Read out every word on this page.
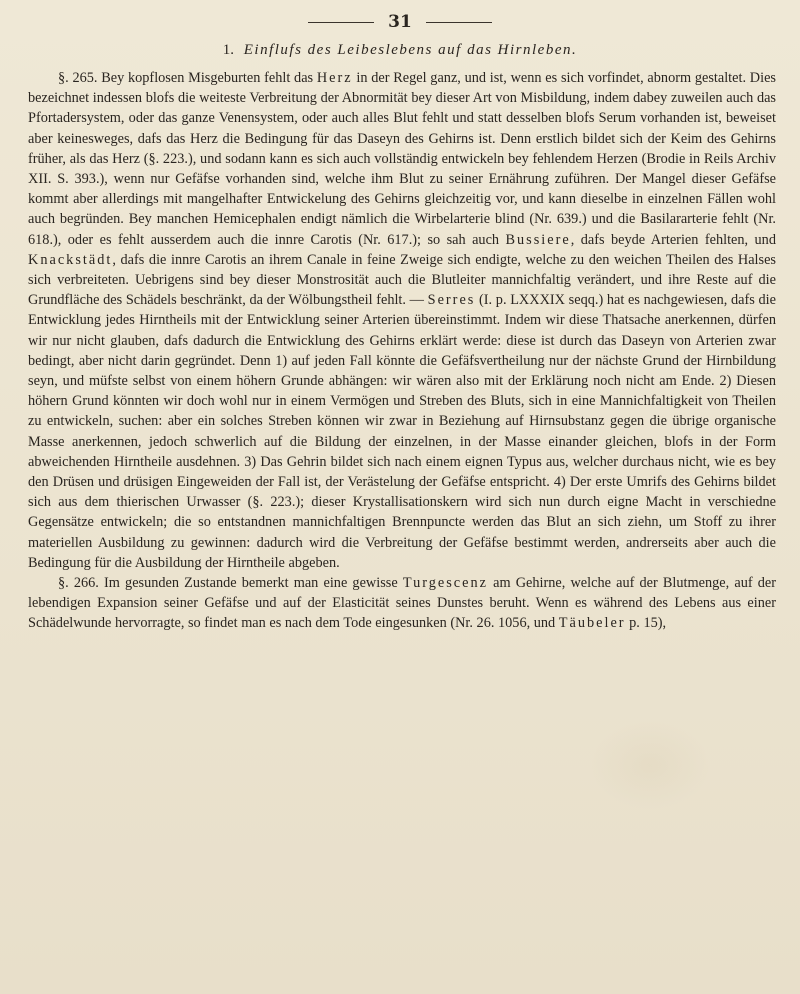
31
1. Einflufs des Leibeslebens auf das Hirnleben.

§. 265. Bey kopflosen Misgeburten fehlt das Herz in der Regel ganz, und ist, wenn es sich vorfindet, abnorm gestaltet. Dies bezeichnet indessen blofs die weiteste Verbreitung der Abnormität bey dieser Art von Misbildung, indem dabey zuweilen auch das Pfortadersystem, oder das ganze Venensystem, oder auch alles Blut fehlt und statt desselben blofs Serum vorhanden ist, beweiset aber keinesweges, dafs das Herz die Bedingung für das Daseyn des Gehirns ist. Denn erstlich bildet sich der Keim des Gehirns früher, als das Herz (§. 223.), und sodann kann es sich auch vollständig entwickeln bey fehlendem Herzen (Brodie in Reils Archiv XII. S. 393.), wenn nur Gefäfse vorhanden sind, welche ihm Blut zu seiner Ernährung zuführen. Der Mangel dieser Gefäfse kommt aber allerdings mit mangelhafter Entwickelung des Gehirns gleichzeitig vor, und kann dieselbe in einzelnen Fällen wohl auch begründen. Bey manchen Hemicephalen endigt nämlich die Wirbelarterie blind (Nr. 639.) und die Basilararterie fehlt (Nr. 618.), oder es fehlt ausserdem auch die innre Carotis (Nr. 617.); so sah auch Bussiere, dafs beyde Arterien fehlten, und Knackstädt, dafs die innre Carotis an ihrem Canale in feine Zweige sich endigte, welche zu den weichen Theilen des Halses sich verbreiteten. Uebrigens sind bey dieser Monstrosität auch die Blutleiter mannichfaltig verändert, und ihre Reste auf die Grundfläche des Schädels beschränkt, da der Wölbungstheil fehlt. — Serres (I. p. LXXXIX seqq.) hat es nachgewiesen, dafs die Entwicklung jedes Hirntheils mit der Entwicklung seiner Arterien übereinstimmt. Indem wir diese Thatsache anerkennen, dürfen wir nur nicht glauben, dafs dadurch die Entwicklung des Gehirns erklärt werde: diese ist durch das Daseyn von Arterien zwar bedingt, aber nicht darin gegründet. Denn 1) auf jeden Fall könnte die Gefäfsvertheilung nur der nächste Grund der Hirnbildung seyn, und müfste selbst von einem höhern Grunde abhängen: wir wären also mit der Erklärung noch nicht am Ende. 2) Diesen höhern Grund könnten wir doch wohl nur in einem Vermögen und Streben des Bluts, sich in eine Mannichfaltigkeit von Theilen zu entwickeln, suchen: aber ein solches Streben können wir zwar in Beziehung auf Hirnsubstanz gegen die übrige organische Masse anerkennen, jedoch schwerlich auf die Bildung der einzelnen, in der Masse einander gleichen, blofs in der Form abweichenden Hirntheile ausdehnen. 3) Das Gehrin bildet sich nach einem eignen Typus aus, welcher durchaus nicht, wie es bey den Drüsen und drüsigen Eingeweiden der Fall ist, der Verästelung der Gefäfse entspricht. 4) Der erste Umrifs des Gehirns bildet sich aus dem thierischen Urwasser (§. 223.); dieser Krystallisationskern wird sich nun durch eigne Macht in verschiedne Gegensätze entwickeln; die so entstandnen mannichfaltigen Brennpuncte werden das Blut an sich ziehn, um Stoff zu ihrer materiellen Ausbildung zu gewinnen: dadurch wird die Verbreitung der Gefäfse bestimmt werden, andrerseits aber auch die Bedingung für die Ausbildung der Hirntheile abgeben.

§. 266. Im gesunden Zustande bemerkt man eine gewisse Turgescenz am Gehirne, welche auf der Blutmenge, auf der lebendigen Expansion seiner Gefäfse und auf der Elasticität seines Dunstes beruht. Wenn es während des Lebens aus einer Schädelwunde hervorragte, so findet man es nach dem Tode eingesunken (Nr. 26. 1056, und Täubeler p. 15),
